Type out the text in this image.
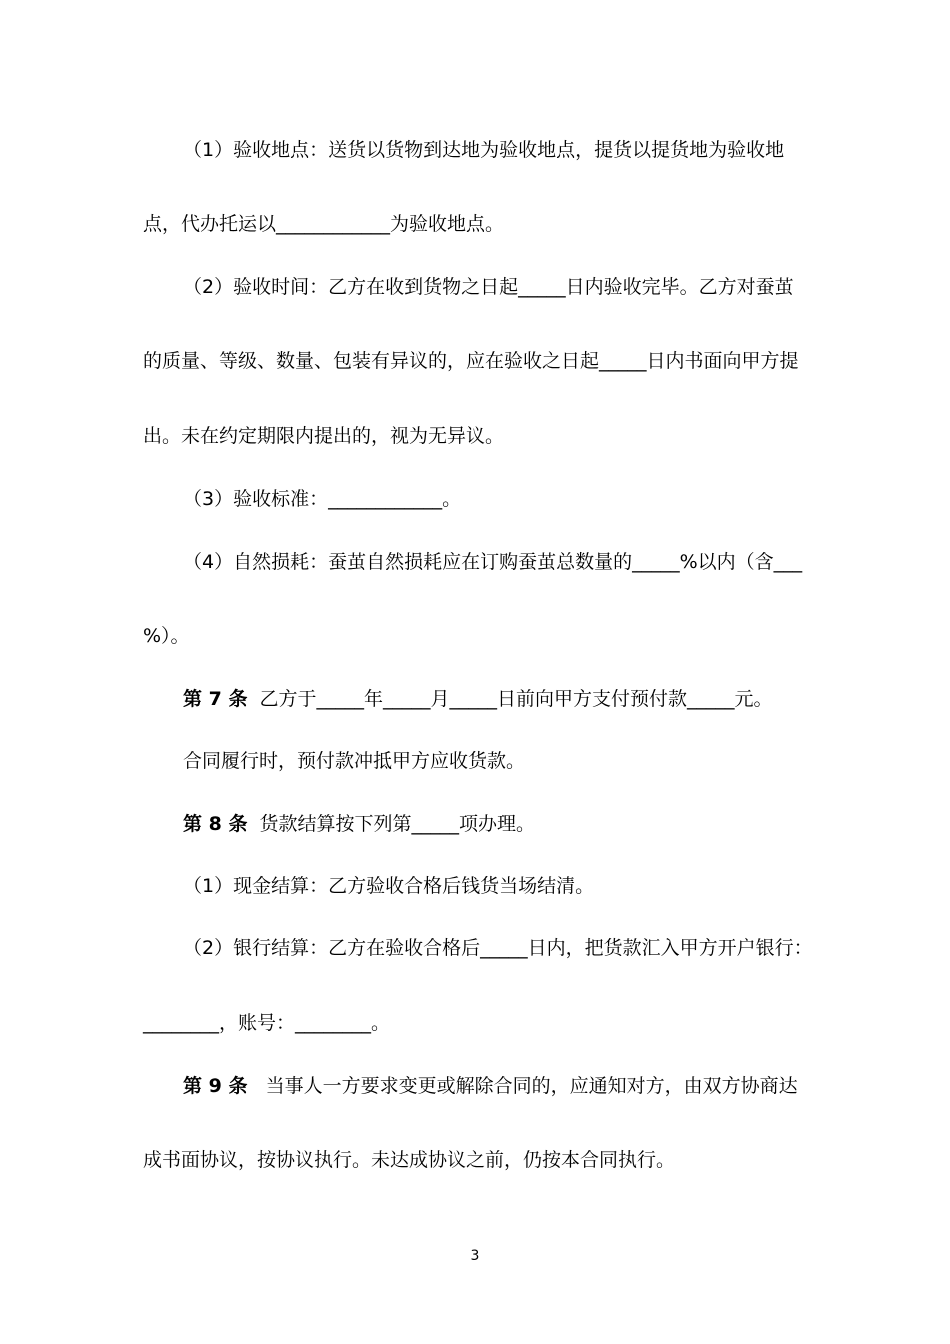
（1）验收地点：送货以货物到达地为验收地点，提货以提货地为验收地
点，代办托运以____________为验收地点。
（2）验收时间：乙方在收到货物之日起_____日内验收完毕。乙方对蚕茧
的质量、等级、数量、包装有异议的，应在验收之日起_____日内书面向甲方提
出。未在约定期限内提出的，视为无异议。
（3）验收标准：____________。
（4）自然损耗：蚕茧自然损耗应在订购蚕茧总数量的_____%以内（含___
%）。
第 7 条 乙方于_____年_____月_____日前向甲方支付预付款_____元。
合同履行时，预付款冲抵甲方应收货款。
第 8 条 货款结算按下列第_____项办理。
（1）现金结算：乙方验收合格后钱货当场结清。
（2）银行结算：乙方在验收合格后_____日内，把货款汇入甲方开户银行：
________，账号：________。
第 9 条 当事人一方要求变更或解除合同的，应通知对方，由双方协商达
成书面协议，按协议执行。未达成协议之前，仍按本合同执行。
3
